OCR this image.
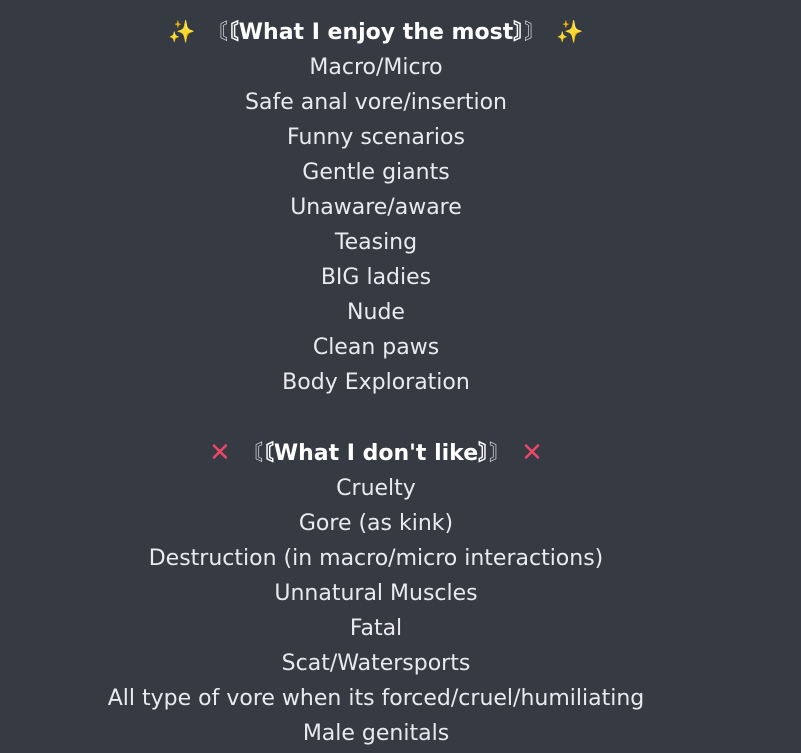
✨ 〘〘What I enjoy the most〙〙 ✨
Macro/Micro
Safe anal vore/insertion
Funny scenarios
Gentle giants
Unaware/aware
Teasing
BIG ladies
Nude
Clean paws
Body Exploration
✕ 〘〘What I don't like〙〙 ✕
Cruelty
Gore (as kink)
Destruction (in macro/micro interactions)
Unnatural Muscles
Fatal
Scat/Watersports
All type of vore when its forced/cruel/humiliating
Male genitals
